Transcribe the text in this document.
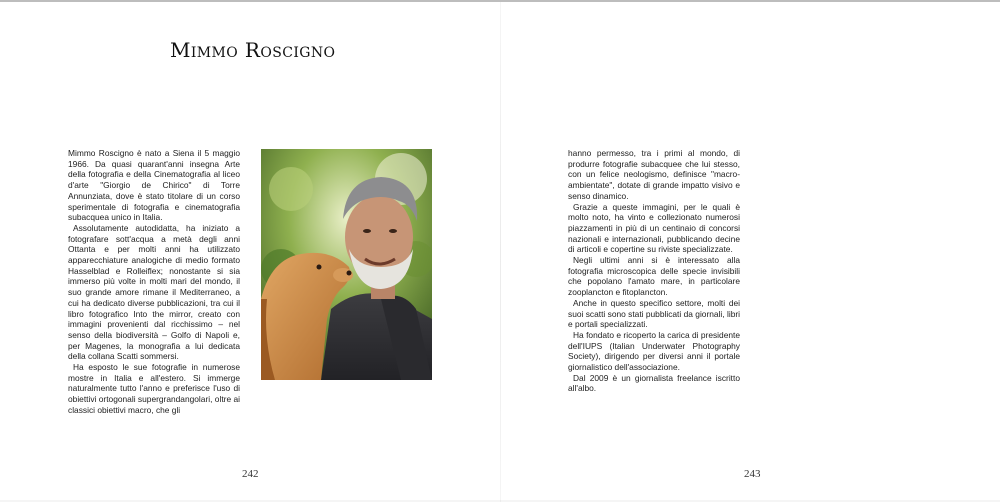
Mimmo Roscigno

Mimmo Roscigno è nato a Siena il 5 maggio 1966. Da quasi quarant'anni insegna Arte della fotografia e della Cinematografia al liceo d'arte "Giorgio de Chirico" di Torre Annunziata, dove è stato titolare di un corso sperimentale di fotografia e cinematografia subacquea unico in Italia.

Assolutamente autodidatta, ha iniziato a fotografare sott'acqua a metà degli anni Ottanta e per molti anni ha utilizzato apparecchiature analogiche di medio formato Hasselblad e Rolleiflex; nonostante si sia immerso più volte in molti mari del mondo, il suo grande amore rimane il Mediterraneo, a cui ha dedicato diverse pubblicazioni, tra cui il libro fotografico Into the mirror, creato con immagini provenienti dal ricchissimo – nel senso della biodiversità – Golfo di Napoli e, per Magenes, la monografia a lui dedicata della collana Scatti sommersi.

Ha esposto le sue fotografie in numerose mostre in Italia e all'estero. Si immerge naturalmente tutto l'anno e preferisce l'uso di obiettivi ortogonali supergrandangolari, oltre ai classici obiettivi macro, che gli

hanno permesso, tra i primi al mondo, di produrre fotografie subacquee che lui stesso, con un felice neologismo, definisce "macro-ambientate", dotate di grande impatto visivo e senso dinamico.

Grazie a queste immagini, per le quali è molto noto, ha vinto e collezionato numerosi piazzamenti in più di un centinaio di concorsi nazionali e internazionali, pubblicando decine di articoli e copertine su riviste specializzate.

Negli ultimi anni si è interessato alla fotografia microscopica delle specie invisibili che popolano l'amato mare, in particolare zooplancton e fitoplancton.

Anche in questo specifico settore, molti dei suoi scatti sono stati pubblicati da giornali, libri e portali specializzati.

Ha fondato e ricoperto la carica di presidente dell'IUPS (Italian Underwater Photography Society), dirigendo per diversi anni il portale giornalistico dell'associazione.

Dal 2009 è un giornalista freelance iscritto all'albo.

242	243
